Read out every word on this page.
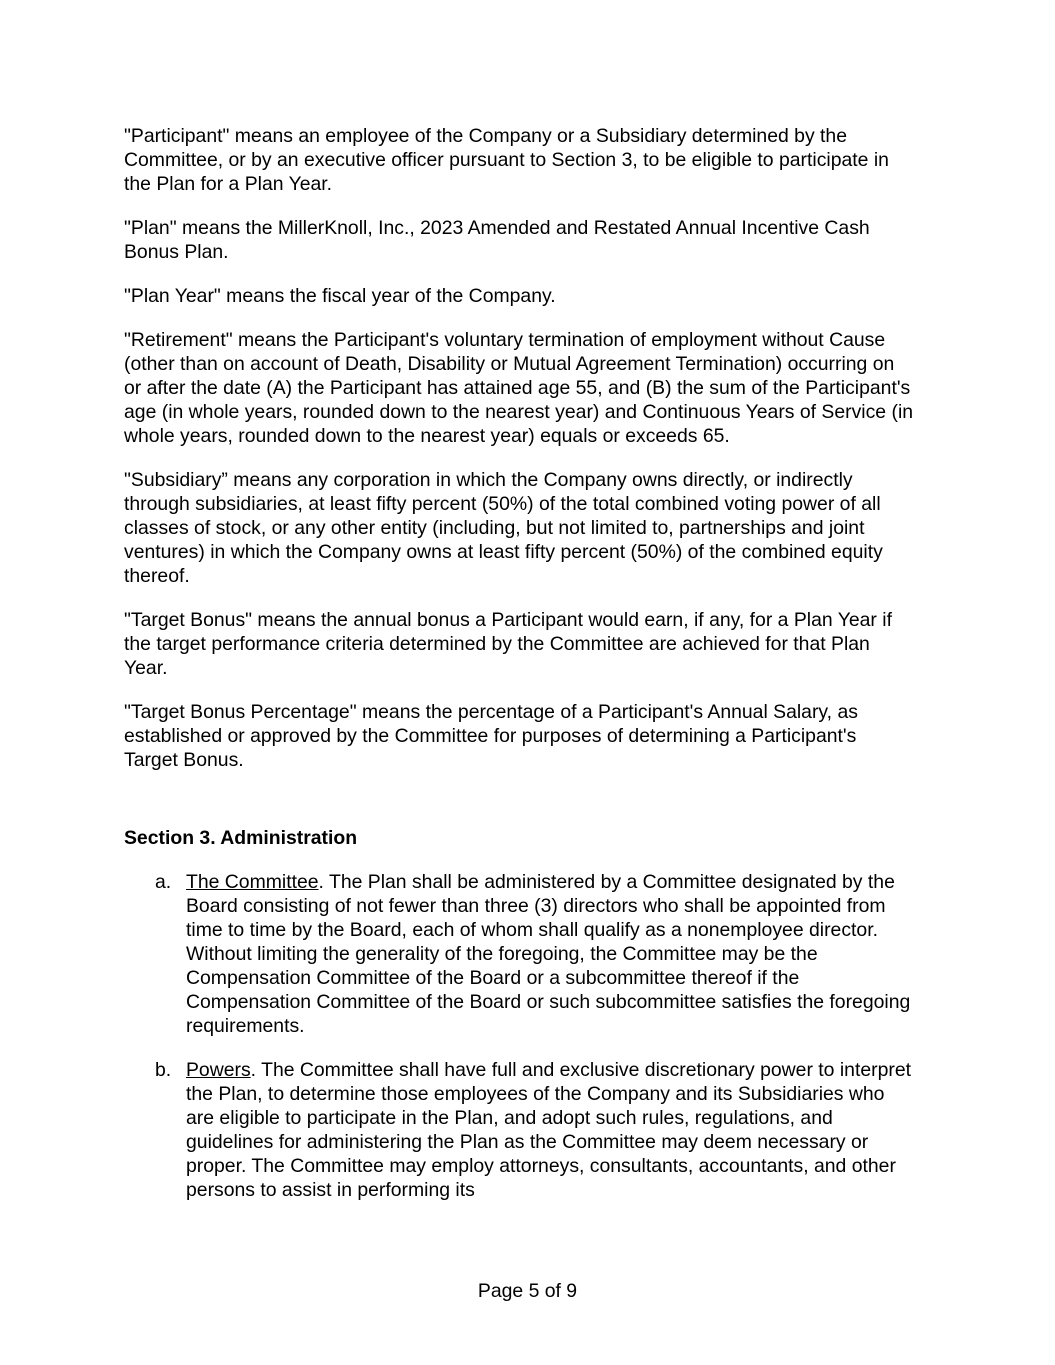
"Participant" means an employee of the Company or a Subsidiary determined by the Committee, or by an executive officer pursuant to Section 3, to be eligible to participate in the Plan for a Plan Year.

"Plan" means the MillerKnoll, Inc., 2023 Amended and Restated Annual Incentive Cash Bonus Plan.

"Plan Year" means the fiscal year of the Company.

"Retirement" means the Participant's voluntary termination of employment without Cause (other than on account of Death, Disability or Mutual Agreement Termination) occurring on or after the date (A) the Participant has attained age 55, and (B) the sum of the Participant's age (in whole years, rounded down to the nearest year) and Continuous Years of Service (in whole years, rounded down to the nearest year) equals or exceeds 65.

"Subsidiary” means any corporation in which the Company owns directly, or indirectly through subsidiaries, at least fifty percent (50%) of the total combined voting power of all classes of stock, or any other entity (including, but not limited to, partnerships and joint ventures) in which the Company owns at least fifty percent (50%) of the combined equity thereof.

"Target Bonus" means the annual bonus a Participant would earn, if any, for a Plan Year if the target performance criteria determined by the Committee are achieved for that Plan Year.

"Target Bonus Percentage" means the percentage of a Participant's Annual Salary, as established or approved by the Committee for purposes of determining a Participant's Target Bonus.

Section 3. Administration
a. The Committee. The Plan shall be administered by a Committee designated by the Board consisting of not fewer than three (3) directors who shall be appointed from time to time by the Board, each of whom shall qualify as a nonemployee director. Without limiting the generality of the foregoing, the Committee may be the Compensation Committee of the Board or a subcommittee thereof if the Compensation Committee of the Board or such subcommittee satisfies the foregoing requirements.
b. Powers. The Committee shall have full and exclusive discretionary power to interpret the Plan, to determine those employees of the Company and its Subsidiaries who are eligible to participate in the Plan, and adopt such rules, regulations, and guidelines for administering the Plan as the Committee may deem necessary or proper. The Committee may employ attorneys, consultants, accountants, and other persons to assist in performing its
Page 5 of 9
